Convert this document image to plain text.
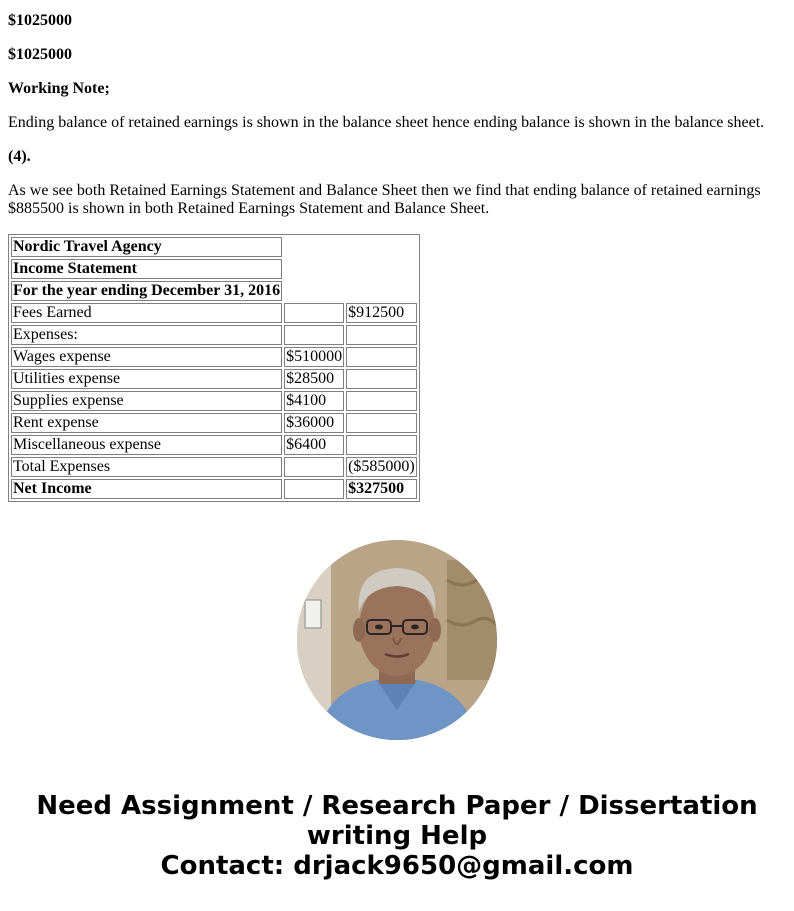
$1025000

$1025000

Working Note;

Ending balance of retained earnings is shown in the balance sheet hence ending balance is shown in the balance sheet.

(4).

As we see both Retained Earnings Statement and Balance Sheet then we find that ending balance of retained earnings $885500 is shown in both Retained Earnings Statement and Balance Sheet.

Nordic Travel Agency		
Income Statement		
For the year ending December 31, 2016		
Fees Earned		$912500
Expenses:		
Wages expense	$510000	
Utilities expense	$28500	
Supplies expense	$4100	
Rent expense	$36000	
Miscellaneous expense	$6400	
Total Expenses		($585000)
Net Income		$327500
Need Assignment / Research Paper / Dissertation writing Help
Contact: drjack9650@gmail.com
